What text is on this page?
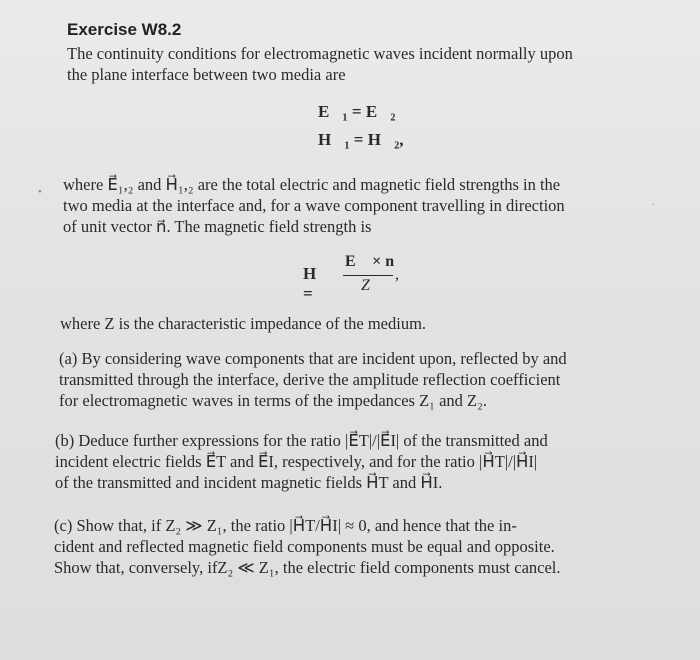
•
.
Exercise W8.2
The continuity conditions for electromagnetic waves incident normally upon
the plane interface between two media are
E⃗₁ = E⃗₂
H⃗₁ = H⃗₂,
where E⃗₁,₂ and H⃗₁,₂ are the total electric and magnetic field strengths in the
two media at the interface and, for a wave component travelling in direction
of unit vector n⃗. The magnetic field strength is
H⃗ =
E⃗ × n⃗
Z
,
where Z is the characteristic impedance of the medium.
(a) By considering wave components that are incident upon, reflected by and
transmitted through the interface, derive the amplitude reflection coefficient
for electromagnetic waves in terms of the impedances Z₁ and Z₂.
(b) Deduce further expressions for the ratio |E⃗T|/|E⃗I| of the transmitted and
incident electric fields E⃗T and E⃗I, respectively, and for the ratio |H⃗T|/|H⃗I|
of the transmitted and incident magnetic fields H⃗T and H⃗I.
(c) Show that, if Z₂ ≫ Z₁, the ratio |H⃗T/H⃗I| ≈ 0, and hence that the in-
cident and reflected magnetic field components must be equal and opposite.
Show that, conversely, ifZ₂ ≪ Z₁, the electric field components must cancel.
